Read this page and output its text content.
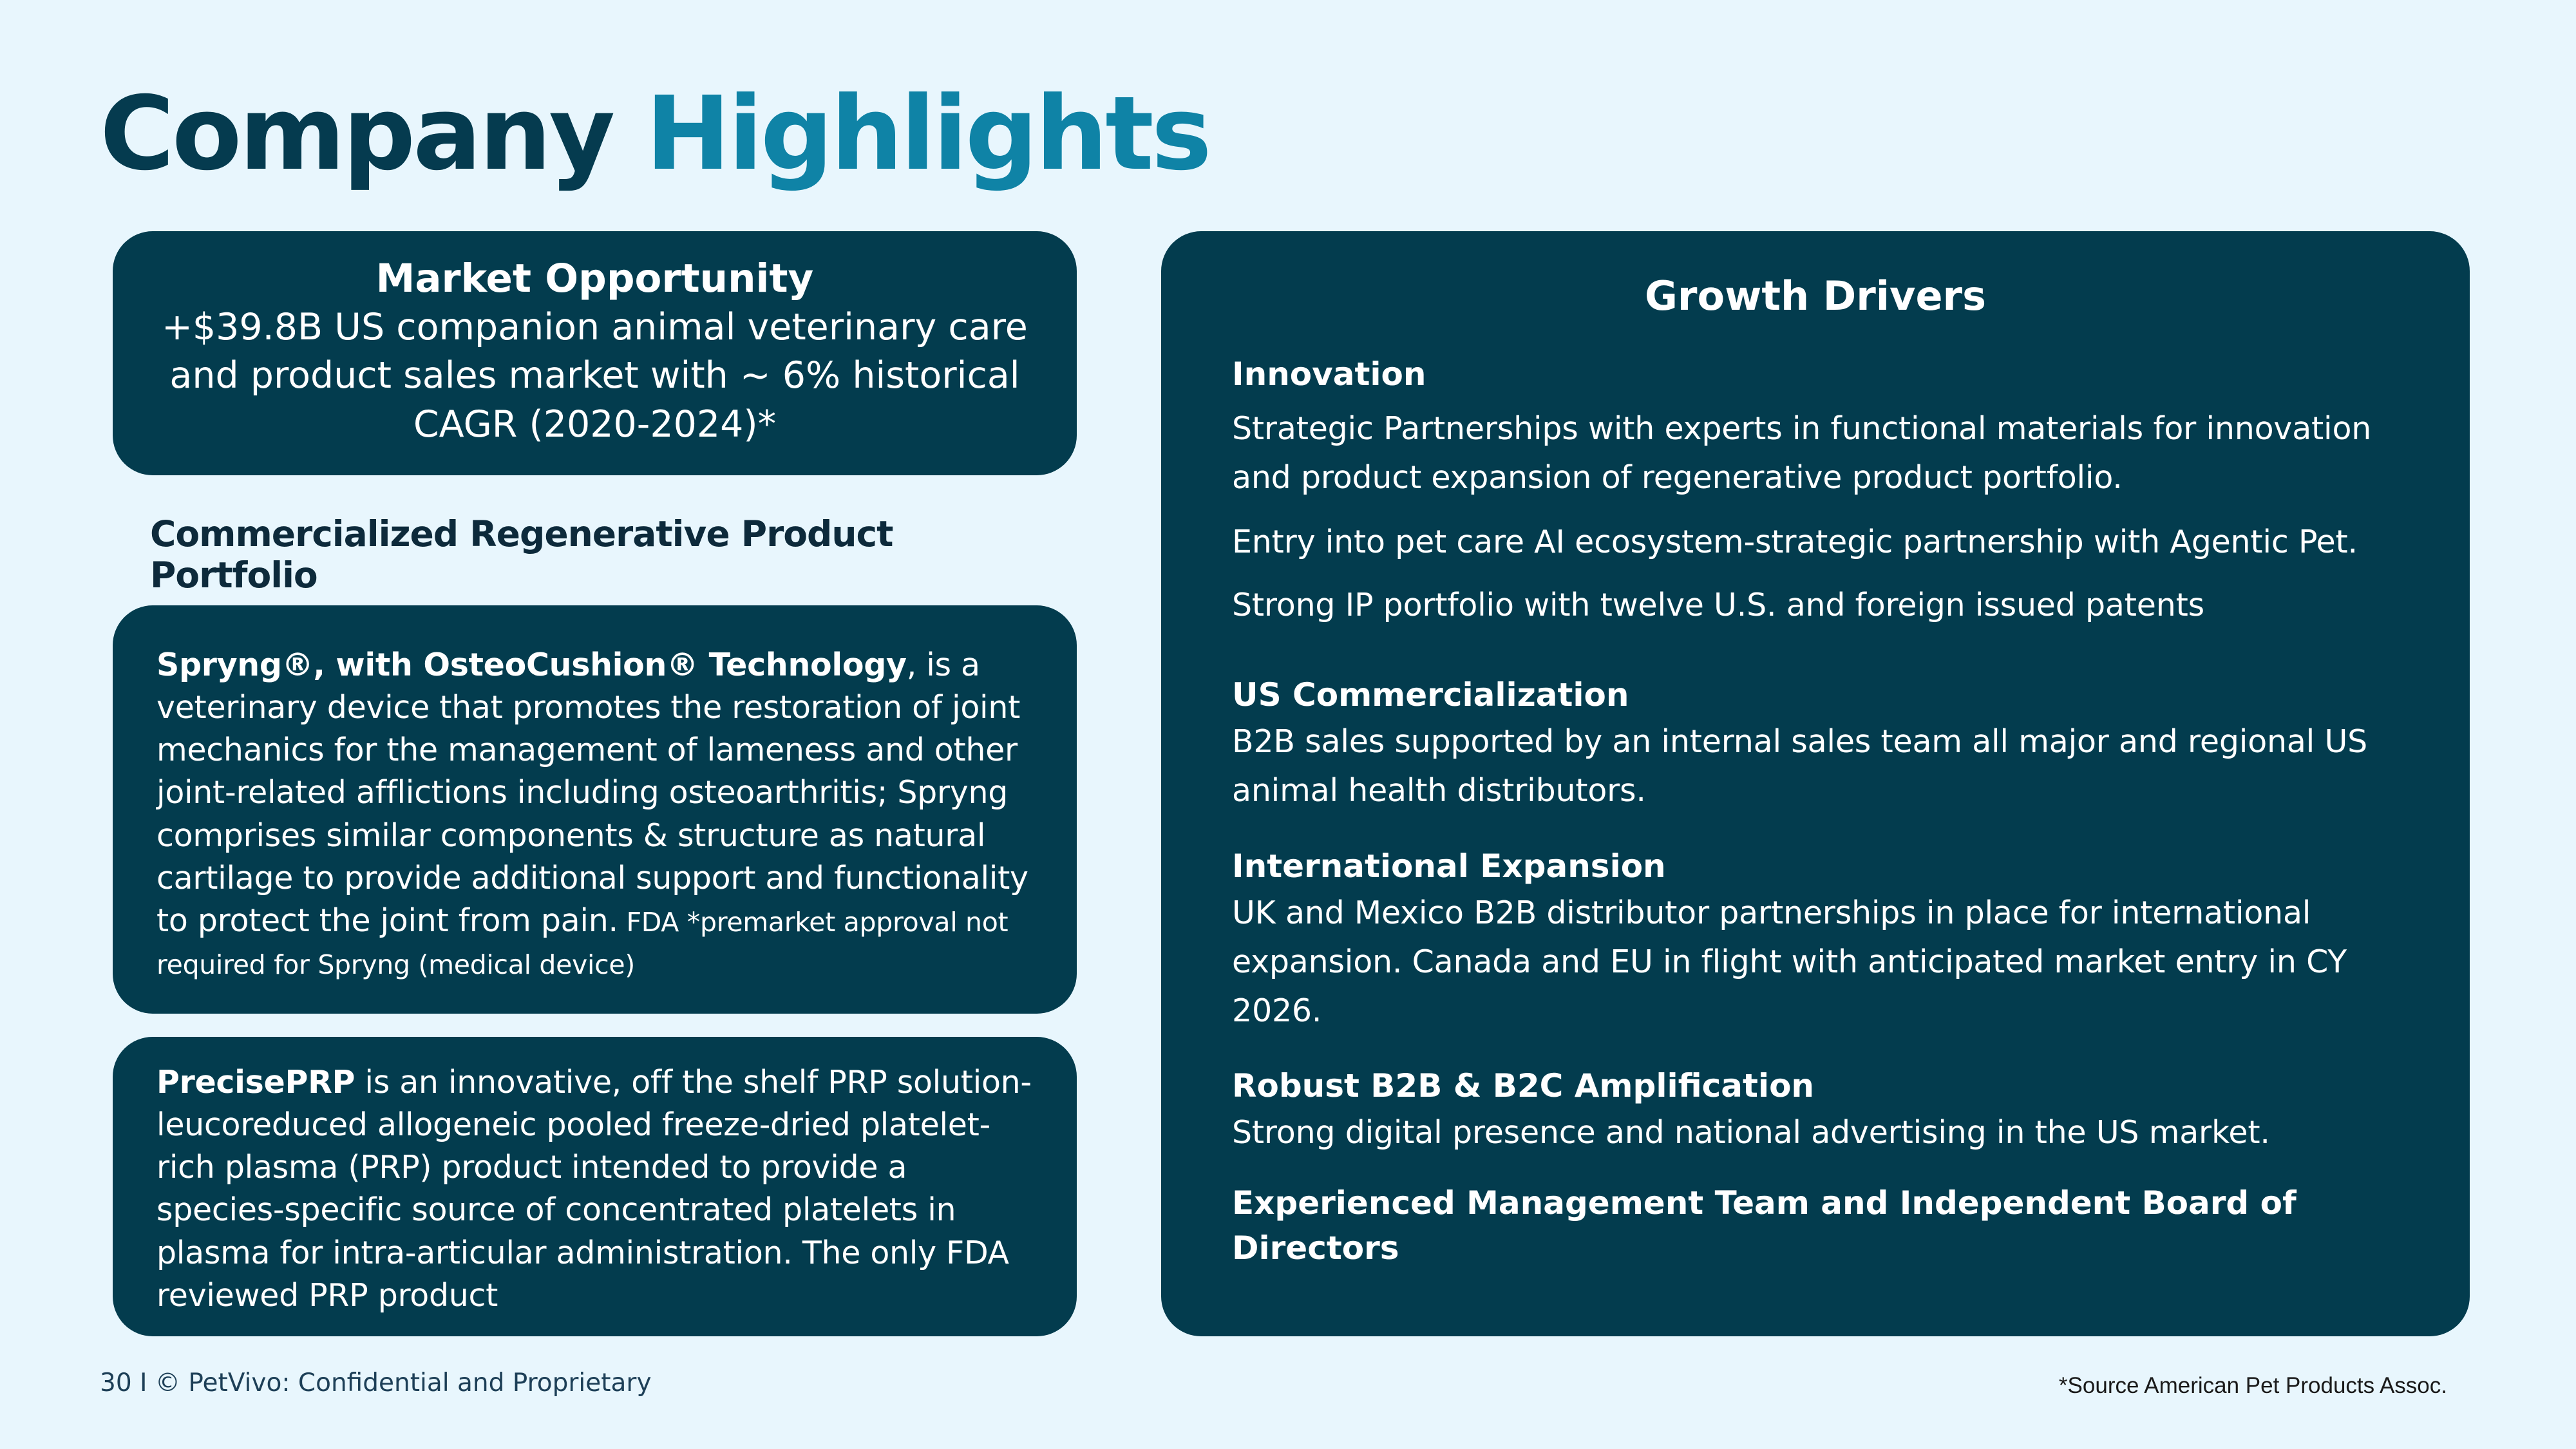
Company Highlights
Market Opportunity
+$39.8B US companion animal veterinary care and product sales market with ~ 6% historical CAGR (2020-2024)*
Commercialized Regenerative Product Portfolio
Spryng®, with OsteoCushion® Technology, is a veterinary device that promotes the restoration of joint mechanics for the management of lameness and other joint-related afflictions including osteoarthritis; Spryng comprises similar components & structure as natural cartilage to provide additional support and functionality to protect the joint from pain. FDA *premarket approval not required for Spryng (medical device)
PrecisePRP is an innovative, off the shelf PRP solution- leucoreduced allogeneic pooled freeze-dried platelet-rich plasma (PRP) product intended to provide a species-specific source of concentrated platelets in plasma for intra-articular administration. The only FDA reviewed PRP product
Growth Drivers
Innovation
Strategic Partnerships with experts in functional materials for innovation and product expansion of regenerative product portfolio.
Entry into pet care AI ecosystem-strategic partnership with Agentic Pet.
Strong IP portfolio with twelve U.S. and foreign issued patents
US Commercialization
B2B sales supported by an internal sales team all major and regional US animal health distributors.
International Expansion
UK and Mexico B2B distributor partnerships in place for international expansion. Canada and EU in flight with anticipated market entry in CY 2026.
Robust B2B & B2C Amplification
Strong digital presence and national advertising in the US market.
Experienced Management Team and Independent Board of Directors
30 I © PetVivo: Confidential and Proprietary	*Source American Pet Products Assoc.
